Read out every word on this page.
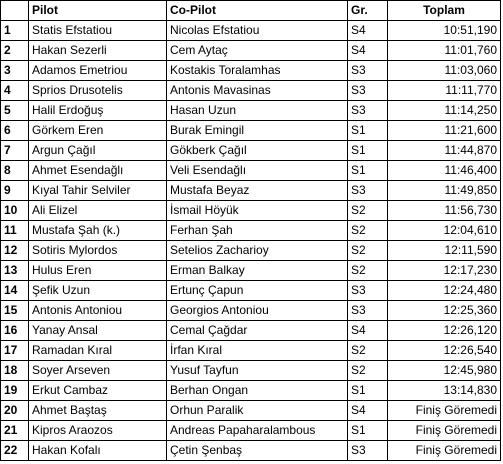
	Pilot	Co-Pilot	Gr.	Toplam
1	Statis Efstatiou	Nicolas Efstatiou	S4	10:51,190
2	Hakan Sezerli	Cem Aytaç	S4	11:01,760
3	Adamos Emetriou	Kostakis Toralamhas	S3	11:03,060
4	Sprios Drusotelis	Antonis Mavasinas	S3	11:11,770
5	Halil Erdoğuş	Hasan Uzun	S3	11:14,250
6	Görkem Eren	Burak Emingil	S1	11:21,600
7	Argun Çağıl	Gökberk Çağıl	S1	11:44,870
8	Ahmet Esendağlı	Veli Esendağlı	S1	11:46,400
9	Kıyal Tahir Selviler	Mustafa Beyaz	S3	11:49,850
10	Ali Elizel	İsmail Höyük	S2	11:56,730
11	Mustafa Şah (k.)	Ferhan Şah	S2	12:04,610
12	Sotiris Mylordos	Setelios Zacharioy	S2	12:11,590
13	Hulus Eren	Erman Balkay	S2	12:17,230
14	Şefik Uzun	Ertunç Çapun	S3	12:24,480
15	Antonis Antoniou	Georgios Antoniou	S3	12:25,360
16	Yanay Ansal	Cemal Çağdar	S4	12:26,120
17	Ramadan Kıral	İrfan Kıral	S2	12:26,540
18	Soyer Arseven	Yusuf Tayfun	S2	12:45,980
19	Erkut Cambaz	Berhan Ongan	S1	13:14,830
20	Ahmet Baştaş	Orhun Paralik	S4	Finiş Göremedi
21	Kipros Araozos	Andreas Papaharalambous	S1	Finiş Göremedi
22	Hakan Kofalı	Çetin Şenbaş	S3	Finiş Göremedi
